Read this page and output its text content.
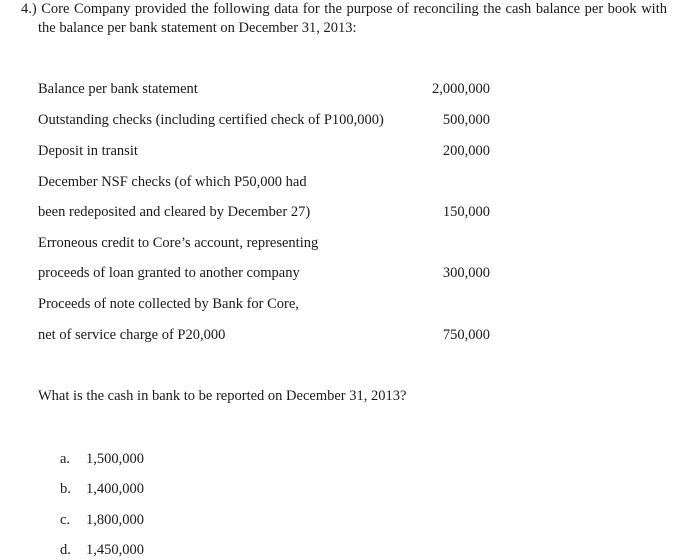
4.) Core Company provided the following data for the purpose of reconciling the cash balance per book with the balance per bank statement on December 31, 2013:
Balance per bank statement	2,000,000
Outstanding checks (including certified check of P100,000)	500,000
Deposit in transit	200,000
December NSF checks (of which P50,000 had
been redeposited and cleared by December 27)	150,000
Erroneous credit to Core’s account, representing
proceeds of loan granted to another company	300,000
Proceeds of note collected by Bank for Core,
net of service charge of P20,000	750,000
What is the cash in bank to be reported on December 31, 2013?
a. 1,500,000
b. 1,400,000
c. 1,800,000
d. 1,450,000
